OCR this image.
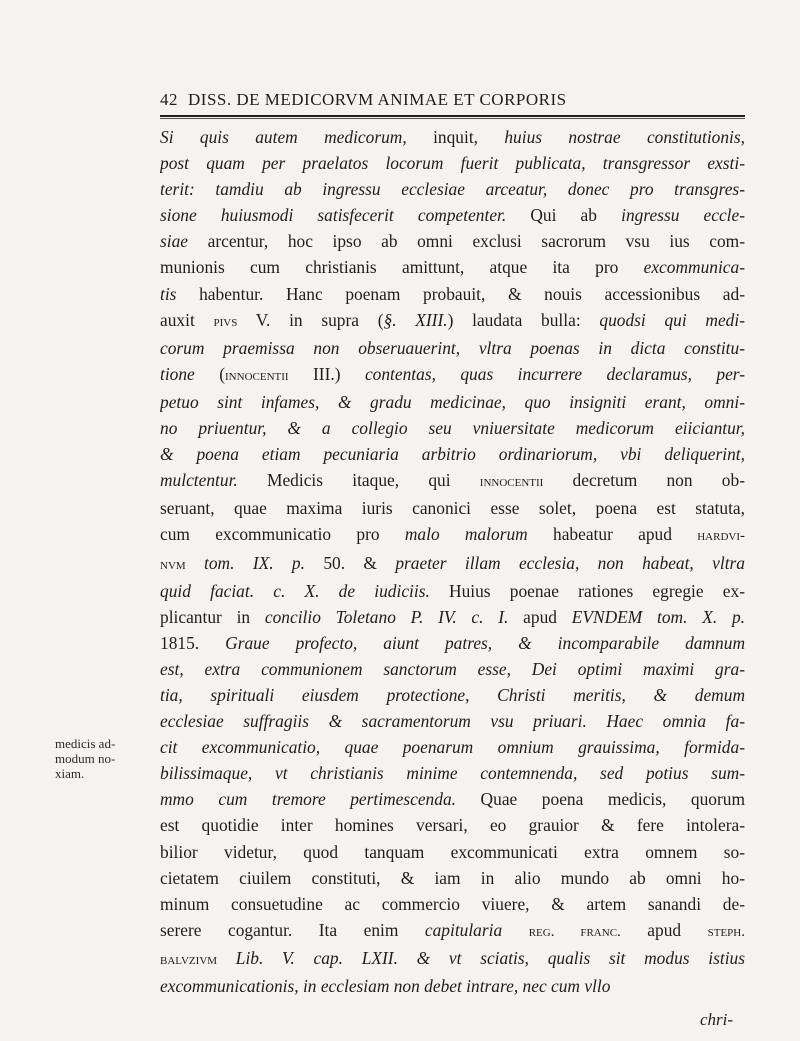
42 DISS. DE MEDICORVM ANIMAE ET CORPORIS
Si quis autem medicorum, inquit, huius nostrae constitutionis,
post quam per praelatos locorum fuerit publicata, transgressor exsti-
terit: tamdiu ab ingressu ecclesiae arceatur, donec pro transgres-
sione huiusmodi satisfecerit competenter. Qui ab ingressu eccle-
siae arcentur, hoc ipso ab omni exclusi sacrorum vsu ius com-
munionis cum christianis amittunt, atque ita pro excommunica-
tis habentur. Hanc poenam probauit, & nouis accessionibus ad-
auxit pivs V. in supra (§. XIII.) laudata bulla: quodsi qui medi-
corum praemissa non obseruauerint, vltra poenas in dicta constitu-
tione (innocentii III.) contentas, quas incurrere declaramus, per-
petuo sint infames, & gradu medicinae, quo insigniti erant, omni-
no priuentur, & a collegio seu vniuersitate medicorum eiiciantur,
& poena etiam pecuniaria arbitrio ordinariorum, vbi deliquerint,
mulctentur. Medicis itaque, qui innocentii decretum non ob-
seruant, quae maxima iuris canonici esse solet, poena est statuta,
cum excommunicatio pro malo malorum habeatur apud hardvi-
nvm tom. IX. p. 50. & praeter illam ecclesia, non habeat, vltra
quid faciat. c. X. de iudiciis. Huius poenae rationes egregie ex-
plicantur in concilio Toletano P. IV. c. I. apud EVNDEM tom. X. p.
1815. Graue profecto, aiunt patres, & incomparabile damnum
est, extra communionem sanctorum esse, Dei optimi maximi gra-
tia, spirituali eiusdem protectione, Christi meritis, & demum
ecclesiae suffragiis & sacramentorum vsu priuari. Haec omnia fa-
cit excommunicatio, quae poenarum omnium grauissima, formida-
bilissimaque, vt christianis minime contemnenda, sed potius sum-
mmo cum tremore pertimescenda. Quae poena medicis, quorum
est quotidie inter homines versari, eo grauior & fere intolera-
bilior videtur, quod tanquam excommunicati extra omnem so-
cietatem ciuilem constituti, & iam in alio mundo ab omni ho-
minum consuetudine ac commercio viuere, & artem sanandi de-
serere cogantur. Ita enim capitularia reg. franc. apud steph.
balvzivm Lib. V. cap. LXII. & vt sciatis, qualis sit modus istius
excommunicationis, in ecclesiam non debet intrare, nec cum vllo
medicis ad-
modum no-
xiam.
chri-
